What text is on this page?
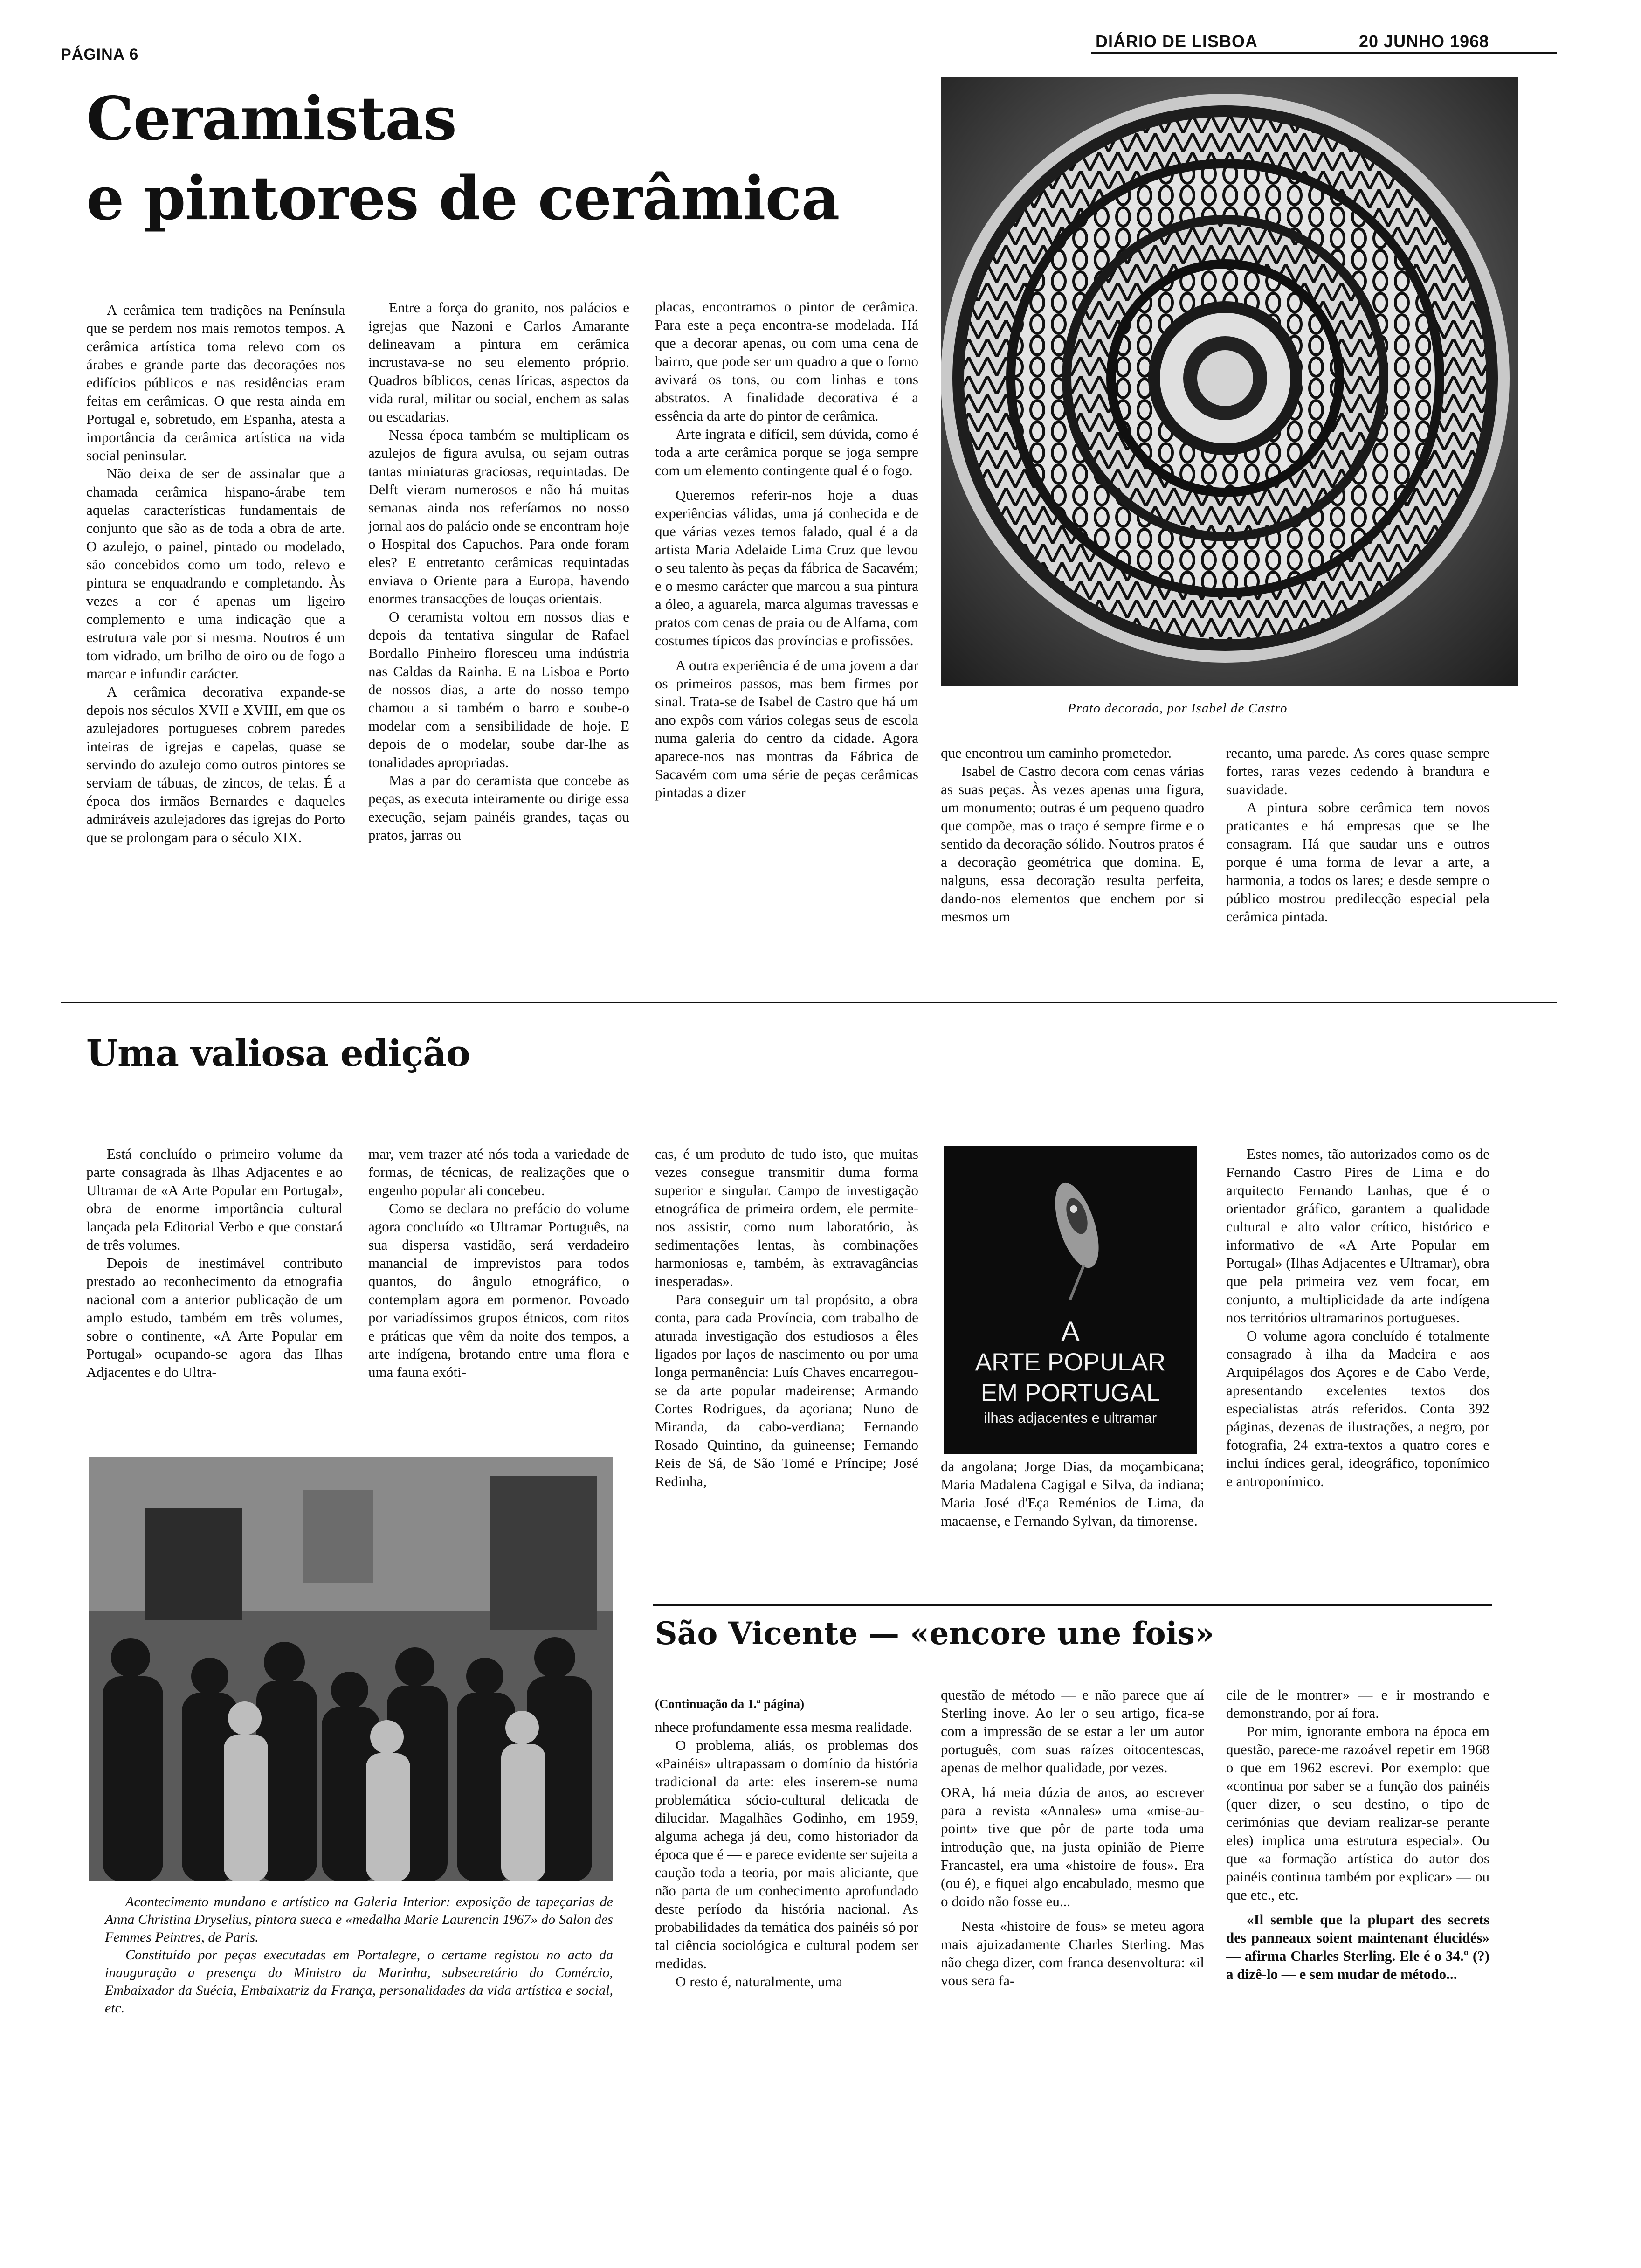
PÁGINA 6
DIÁRIO DE LISBOA	20 JUNHO 1968
Ceramistas
e pintores de cerâmica
Prato decorado, por Isabel de Castro

A cerâmica tem tradições na Península que se perdem nos mais remotos tempos. A cerâmica artística toma relevo com os árabes e grande parte das decorações nos edifícios públicos e nas residências eram feitas em cerâmicas. O que resta ainda em Portugal e, sobretudo, em Espanha, atesta a importância da cerâmica artística na vida social peninsular.

Não deixa de ser de assinalar que a chamada cerâmica hispano-árabe tem aquelas características fundamentais de conjunto que são as de toda a obra de arte. O azulejo, o painel, pintado ou modelado, são concebidos como um todo, relevo e pintura se enquadrando e completando. Às vezes a cor é apenas um ligeiro complemento e uma indicação que a estrutura vale por si mesma. Noutros é um tom vidrado, um brilho de oiro ou de fogo a marcar e infundir carácter.

A cerâmica decorativa expande-se depois nos séculos XVII e XVIII, em que os azulejadores portugueses cobrem paredes inteiras de igrejas e capelas, quase se servindo do azulejo como outros pintores se serviam de tábuas, de zincos, de telas. É a época dos irmãos Bernardes e daqueles admiráveis azulejadores das igrejas do Porto que se prolongam para o século XIX.

Entre a força do granito, nos palácios e igrejas que Nazoni e Carlos Amarante delineavam a pintura em cerâmica incrustava-se no seu elemento próprio. Quadros bíblicos, cenas líricas, aspectos da vida rural, militar ou social, enchem as salas ou escadarias.

Nessa época também se multiplicam os azulejos de figura avulsa, ou sejam outras tantas miniaturas graciosas, requintadas. De Delft vieram numerosos e não há muitas semanas ainda nos referíamos no nosso jornal aos do palácio onde se encontram hoje o Hospital dos Capuchos. Para onde foram eles? E entretanto cerâmicas requintadas enviava o Oriente para a Europa, havendo enormes transacções de louças orientais.

O ceramista voltou em nossos dias e depois da tentativa singular de Rafael Bordallo Pinheiro floresceu uma indústria nas Caldas da Rainha. E na Lisboa e Porto de nossos dias, a arte do nosso tempo chamou a si também o barro e soube-o modelar com a sensibilidade de hoje. E depois de o modelar, soube dar-lhe as tonalidades apropriadas.

Mas a par do ceramista que concebe as peças, as executa inteiramente ou dirige essa execução, sejam painéis grandes, taças ou pratos, jarras ou

placas, encontramos o pintor de cerâmica. Para este a peça encontra-se modelada. Há que a decorar apenas, ou com uma cena de bairro, que pode ser um quadro a que o forno avivará os tons, ou com linhas e tons abstratos. A finalidade decorativa é a essência da arte do pintor de cerâmica.

Arte ingrata e difícil, sem dúvida, como é toda a arte cerâmica porque se joga sempre com um elemento contingente qual é o fogo.

Queremos referir-nos hoje a duas experiências válidas, uma já conhecida e de que várias vezes temos falado, qual é a da artista Maria Adelaide Lima Cruz que levou o seu talento às peças da fábrica de Sacavém; e o mesmo carácter que marcou a sua pintura a óleo, a aguarela, marca algumas travessas e pratos com cenas de praia ou de Alfama, com costumes típicos das províncias e profissões.

A outra experiência é de uma jovem a dar os primeiros passos, mas bem firmes por sinal. Trata-se de Isabel de Castro que há um ano expôs com vários colegas seus de escola numa galeria do centro da cidade. Agora aparece-nos nas montras da Fábrica de Sacavém com uma série de peças cerâmicas pintadas a dizer

que encontrou um caminho prometedor.

Isabel de Castro decora com cenas várias as suas peças. Às vezes apenas uma figura, um monumento; outras é um pequeno quadro que compõe, mas o traço é sempre firme e o sentido da decoração sólido. Noutros pratos é a decoração geométrica que domina. E, nalguns, essa decoração resulta perfeita, dando-nos elementos que enchem por si mesmos um

recanto, uma parede. As cores quase sempre fortes, raras vezes cedendo à brandura e suavidade.

A pintura sobre cerâmica tem novos praticantes e há empresas que se lhe consagram. Há que saudar uns e outros porque é uma forma de levar a arte, a harmonia, a todos os lares; e desde sempre o público mostrou predilecção especial pela cerâmica pintada.

Uma valiosa edição

Está concluído o primeiro volume da parte consagrada às Ilhas Adjacentes e ao Ultramar de «A Arte Popular em Portugal», obra de enorme importância cultural lançada pela Editorial Verbo e que constará de três volumes.

Depois de inestimável contributo prestado ao reconhecimento da etnografia nacional com a anterior publicação de um amplo estudo, também em três volumes, sobre o continente, «A Arte Popular em Portugal» ocupando-se agora das Ilhas Adjacentes e do Ultra-

mar, vem trazer até nós toda a variedade de formas, de técnicas, de realizações que o engenho popular ali concebeu.

Como se declara no prefácio do volume agora concluído «o Ultramar Português, na sua dispersa vastidão, será verdadeiro manancial de imprevistos para todos quantos, do ângulo etnográfico, o contemplam agora em pormenor. Povoado por variadíssimos grupos étnicos, com ritos e práticas que vêm da noite dos tempos, a arte indígena, brotando entre uma flora e uma fauna exóti-

cas, é um produto de tudo isto, que muitas vezes consegue transmitir duma forma superior e singular. Campo de investigação etnográfica de primeira ordem, ele permite-nos assistir, como num laboratório, às sedimentações lentas, às combinações harmoniosas e, também, às extravagâncias inesperadas».

Para conseguir um tal propósito, a obra conta, para cada Província, com trabalho de aturada investigação dos estudiosos a êles ligados por laços de nascimento ou por uma longa permanência: Luís Chaves encarregou-se da arte popular madeirense; Armando Cortes Rodrigues, da açoriana; Nuno de Miranda, da cabo-verdiana; Fernando Rosado Quintino, da guineense; Fernando Reis de Sá, de São Tomé e Príncipe; José Redinha,

A
ARTE POPULAR
EM PORTUGAL
ilhas adjacentes e ultramar

da angolana; Jorge Dias, da moçambicana; Maria Madalena Cagigal e Silva, da indiana; Maria José d'Eça Reménios de Lima, da macaense, e Fernando Sylvan, da timorense.

Estes nomes, tão autorizados como os de Fernando Castro Pires de Lima e do arquitecto Fernando Lanhas, que é o orientador gráfico, garantem a qualidade cultural e alto valor crítico, histórico e informativo de «A Arte Popular em Portugal» (Ilhas Adjacentes e Ultramar), obra que pela primeira vez vem focar, em conjunto, a multiplicidade da arte indígena nos territórios ultramarinos portugueses.

O volume agora concluído é totalmente consagrado à ilha da Madeira e aos Arquipélagos dos Açores e de Cabo Verde, apresentando excelentes textos dos especialistas atrás referidos. Conta 392 páginas, dezenas de ilustrações, a negro, por fotografia, 24 extra-textos a quatro cores e inclui índices geral, ideográfico, toponímico e antroponímico.

Acontecimento mundano e artístico na Galeria Interior: exposição de tapeçarias de Anna Christina Dryselius, pintora sueca e «medalha Marie Laurencin 1967» do Salon des Femmes Peintres, de Paris.

Constituído por peças executadas em Portalegre, o certame registou no acto da inauguração a presença do Ministro da Marinha, subsecretário do Comércio, Embaixador da Suécia, Embaixatriz da França, personalidades da vida artística e social, etc.

São Vicente — «encore une fois»

(Continuação da 1.ª página)

nhece profundamente essa mesma realidade.

O problema, aliás, os problemas dos «Painéis» ultrapassam o domínio da história tradicional da arte: eles inserem-se numa problemática sócio-cultural delicada de dilucidar. Magalhães Godinho, em 1959, alguma achega já deu, como historiador da época que é — e parece evidente ser sujeita a caução toda a teoria, por mais aliciante, que não parta de um conhecimento aprofundado deste período da história nacional. As probabilidades da temática dos painéis só por tal ciência sociológica e cultural podem ser medidas.

O resto é, naturalmente, uma

questão de método — e não parece que aí Sterling inove. Ao ler o seu artigo, fica-se com a impressão de se estar a ler um autor português, com suas raízes oitocentescas, apenas de melhor qualidade, por vezes.

ORA, há meia dúzia de anos, ao escrever para a revista «Annales» uma «mise-au-point» tive que pôr de parte toda uma introdução que, na justa opinião de Pierre Francastel, era uma «histoire de fous». Era (ou é), e fiquei algo encabulado, mesmo que o doido não fosse eu...

Nesta «histoire de fous» se meteu agora mais ajuizadamente Charles Sterling. Mas não chega dizer, com franca desenvoltura: «il vous sera fa-

cile de le montrer» — e ir mostrando e demonstrando, por aí fora.

Por mim, ignorante embora na época em questão, parece-me razoável repetir em 1968 o que em 1962 escrevi. Por exemplo: que «continua por saber se a função dos painéis (quer dizer, o seu destino, o tipo de cerimónias que deviam realizar-se perante eles) implica uma estrutura especial». Ou que «a formação artística do autor dos painéis continua também por explicar» — ou que etc., etc.

«Il semble que la plupart des secrets des panneaux soient maintenant élucidés» — afirma Charles Sterling. Ele é o 34.º (?) a dizê-lo — e sem mudar de método...
